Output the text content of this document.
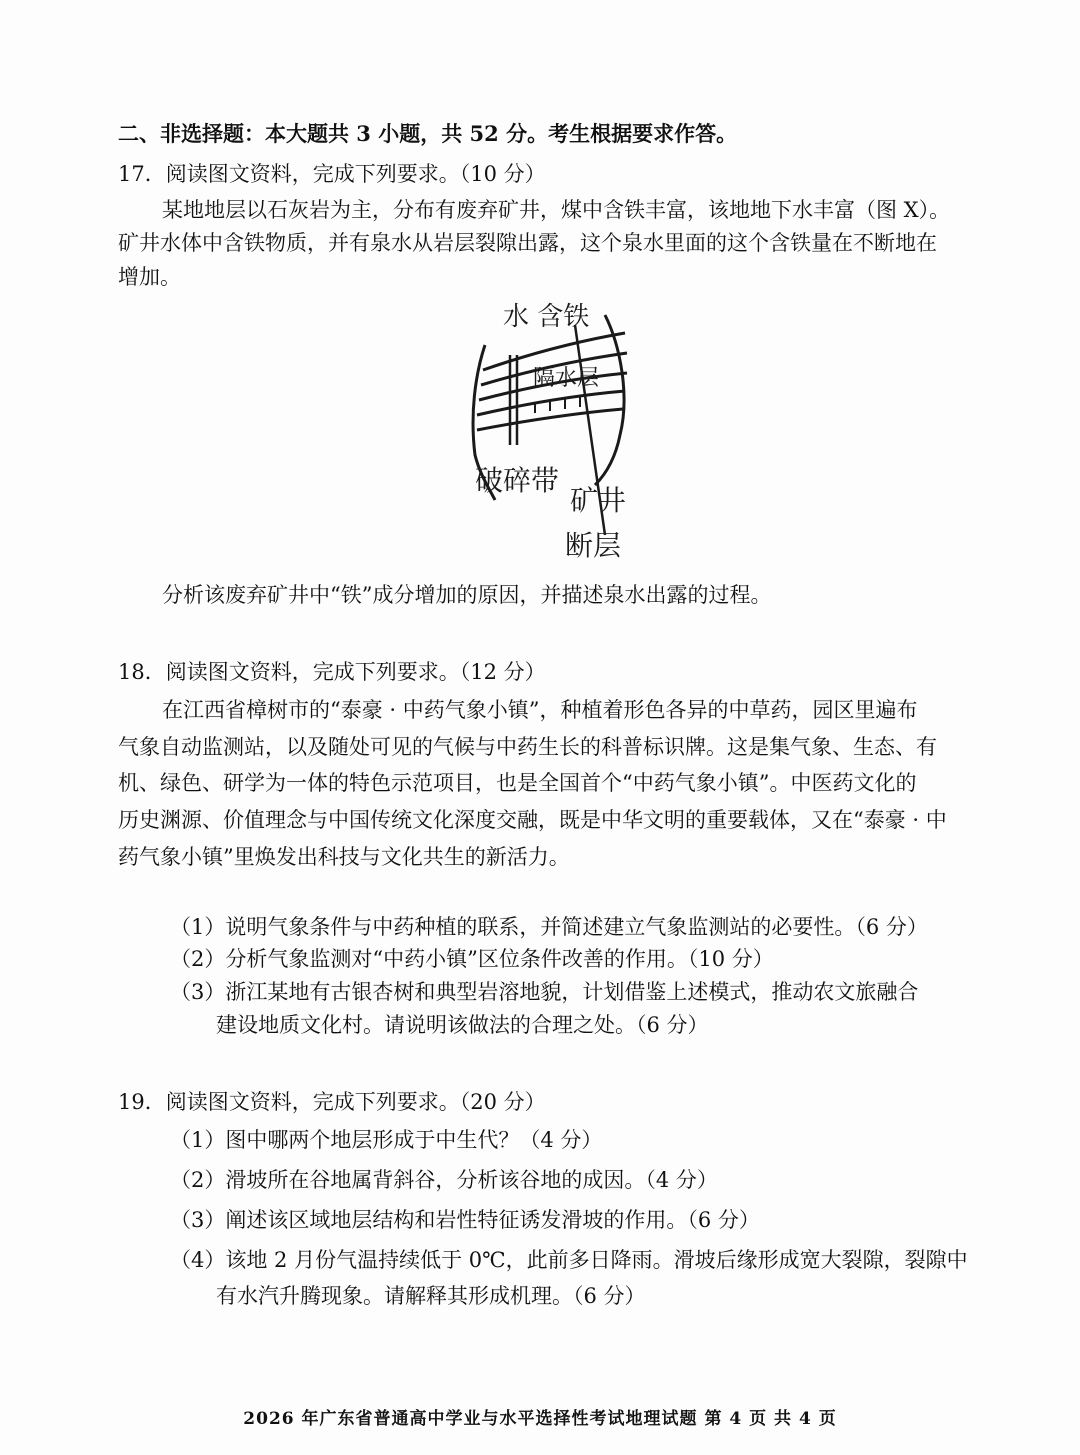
二、非选择题：本大题共 3 小题，共 52 分。考生根据要求作答。
17．阅读图文资料，完成下列要求。（10 分）
某地地层以石灰岩为主，分布有废弃矿井，煤中含铁丰富，该地地下水丰富（图 X）。
矿井水体中含铁物质，并有泉水从岩层裂隙出露，这个泉水里面的这个含铁量在不断地在
增加。
水 含铁
隔水层
破碎带
矿井
断层
分析该废弃矿井中“铁”成分增加的原因，并描述泉水出露的过程。
18．阅读图文资料，完成下列要求。（12 分）
在江西省樟树市的“泰豪 · 中药气象小镇”，种植着形色各异的中草药，园区里遍布
气象自动监测站，以及随处可见的气候与中药生长的科普标识牌。这是集气象、生态、有
机、绿色、研学为一体的特色示范项目，也是全国首个“中药气象小镇”。中医药文化的
历史渊源、价值理念与中国传统文化深度交融，既是中华文明的重要载体，又在“泰豪 · 中
药气象小镇”里焕发出科技与文化共生的新活力。
（1）说明气象条件与中药种植的联系，并简述建立气象监测站的必要性。（6 分）
（2）分析气象监测对“中药小镇”区位条件改善的作用。（10 分）
（3）浙江某地有古银杏树和典型岩溶地貌，计划借鉴上述模式，推动农文旅融合
建设地质文化村。请说明该做法的合理之处。（6 分）
19．阅读图文资料，完成下列要求。（20 分）
（1）图中哪两个地层形成于中生代？（4 分）
（2）滑坡所在谷地属背斜谷，分析该谷地的成因。（4 分）
（3）阐述该区域地层结构和岩性特征诱发滑坡的作用。（6 分）
（4）该地 2 月份气温持续低于 0℃，此前多日降雨。滑坡后缘形成宽大裂隙，裂隙中
有水汽升腾现象。请解释其形成机理。（6 分）
2026 年广东省普通高中学业与水平选择性考试地理试题 第 4 页 共 4 页
